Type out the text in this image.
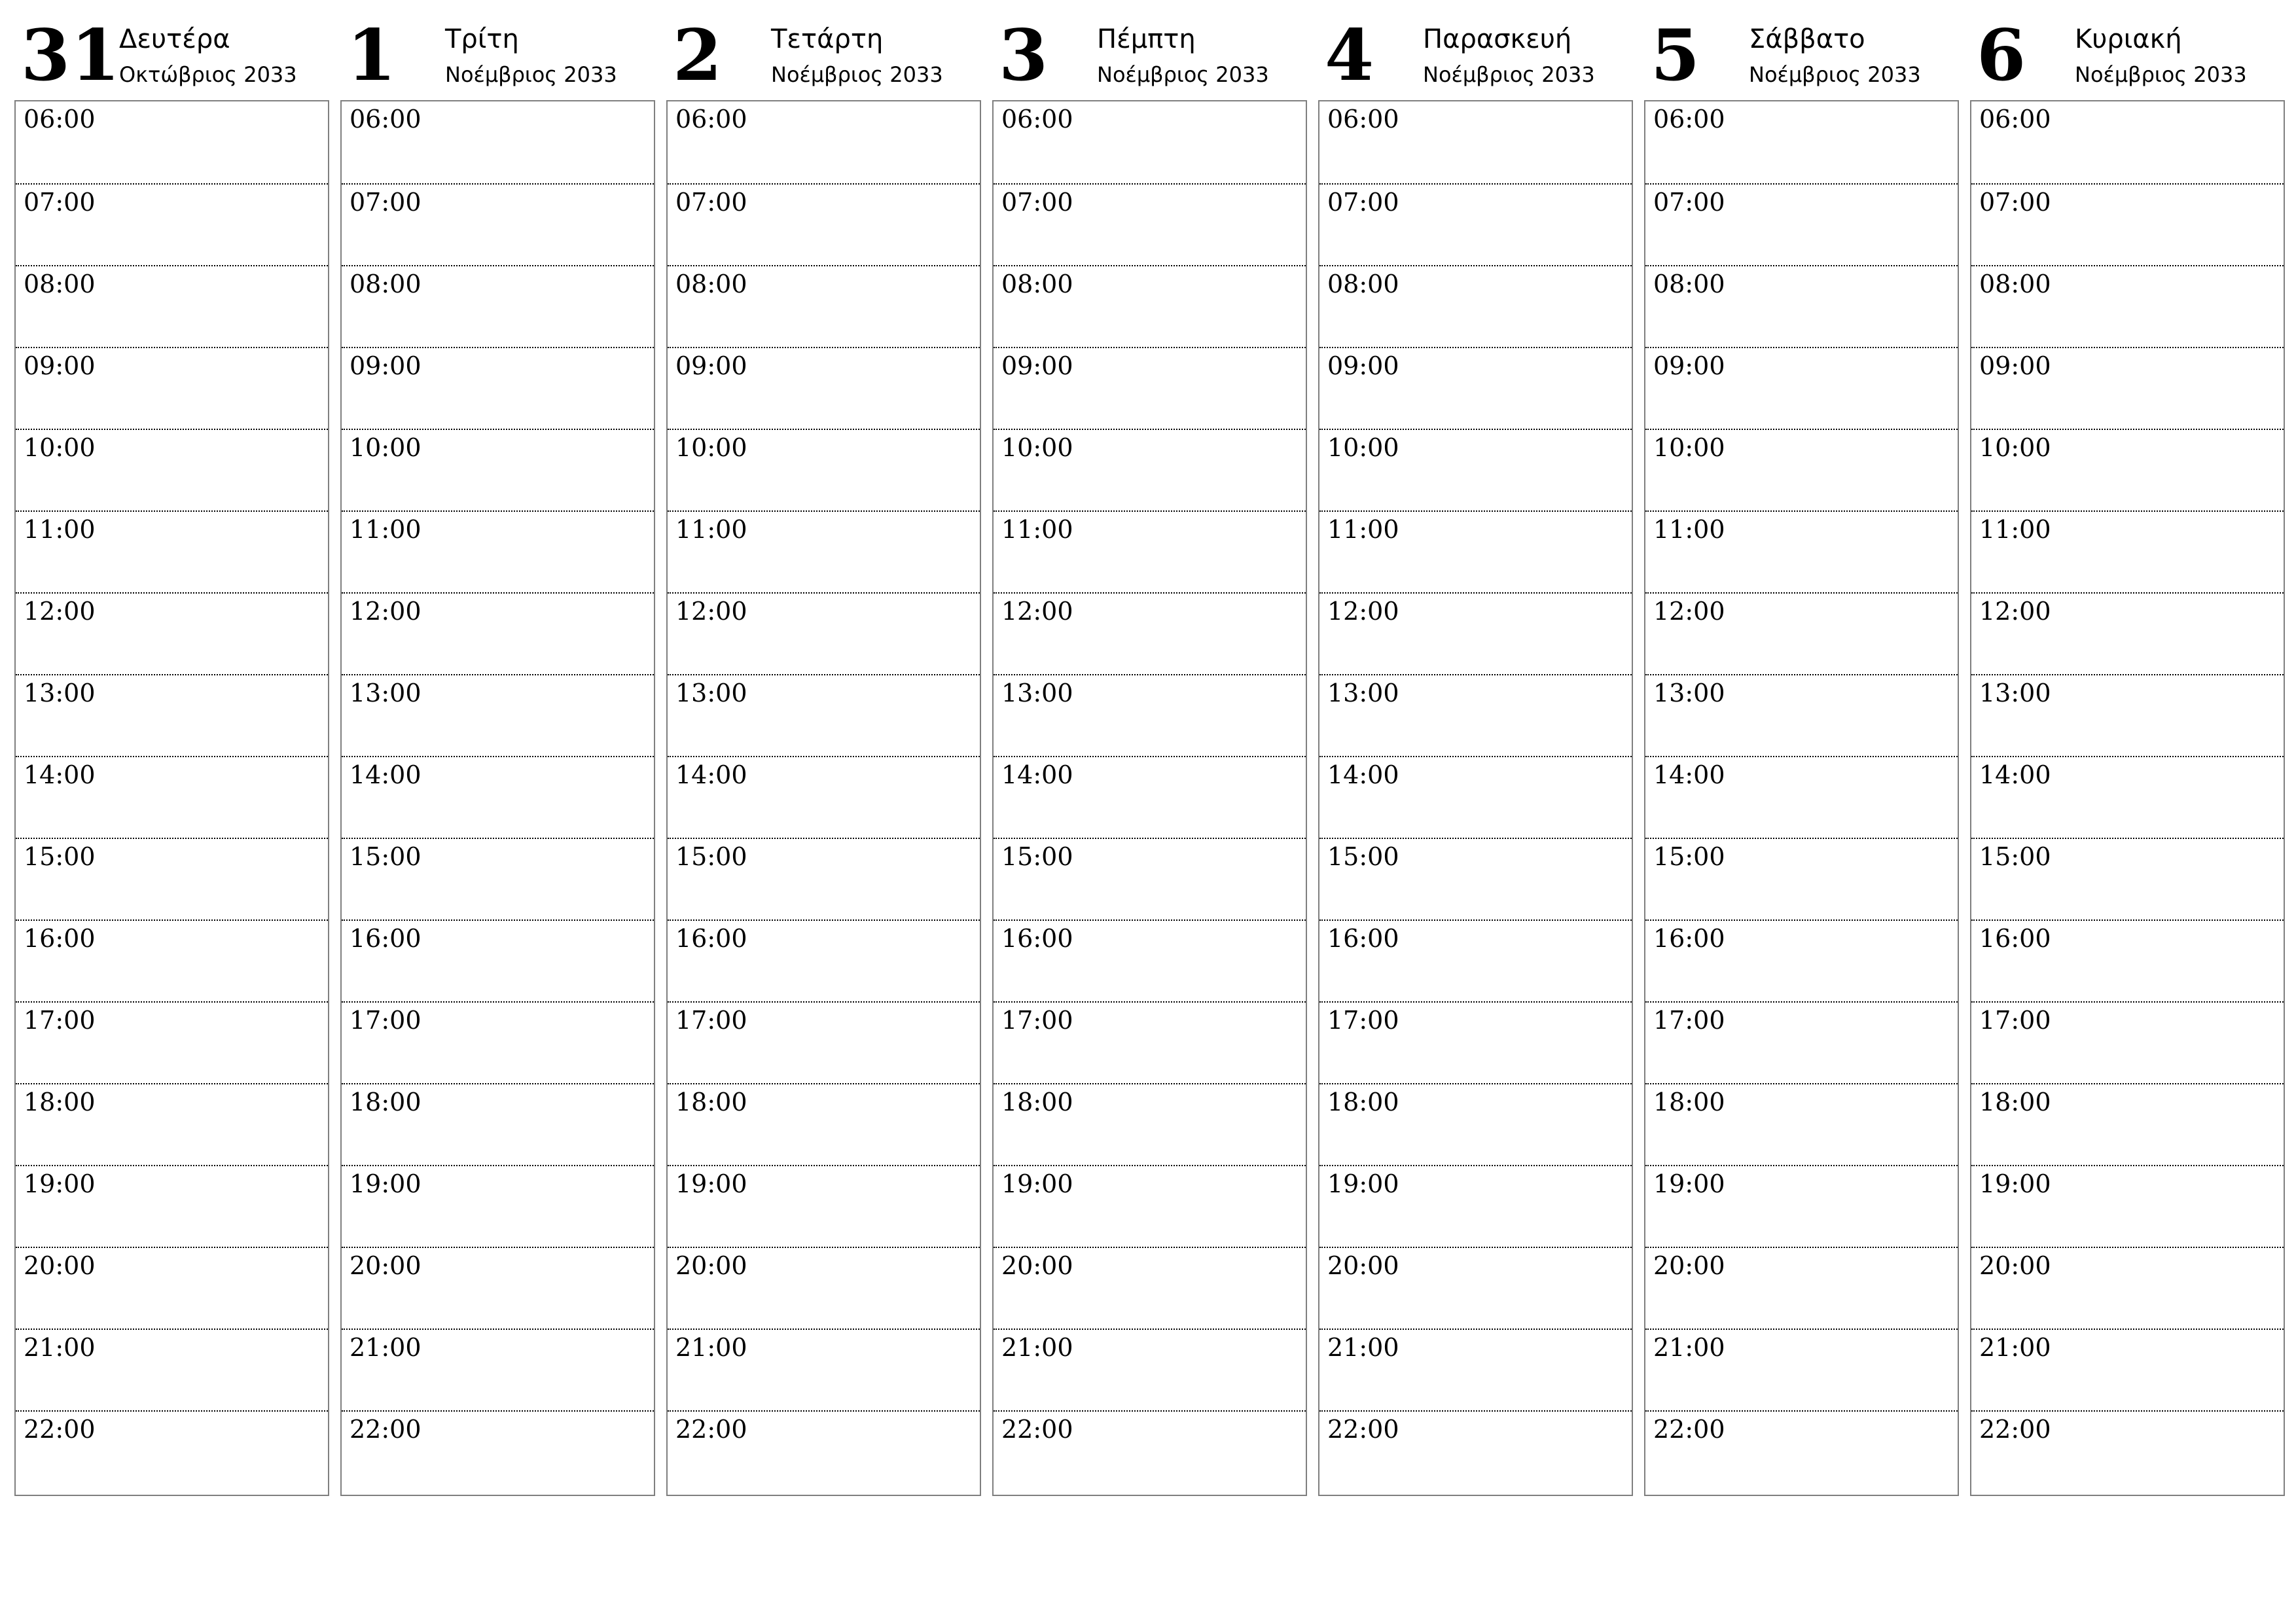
31
Δευτέρα
Οκτώβριος 2033
06:00
07:00
08:00
09:00
10:00
11:00
12:00
13:00
14:00
15:00
16:00
17:00
18:00
19:00
20:00
21:00
22:00
1 Τρίτη
Νοέμβριος 2033
06:00
07:00
08:00
09:00
10:00
11:00
12:00
13:00
14:00
15:00
16:00
17:00
18:00
19:00
20:00
21:00
22:00
2 Τετάρτη
Νοέμβριος 2033
06:00
07:00
08:00
09:00
10:00
11:00
12:00
13:00
14:00
15:00
16:00
17:00
18:00
19:00
20:00
21:00
22:00
3 Πέμπτη
Νοέμβριος 2033
06:00
07:00
08:00
09:00
10:00
11:00
12:00
13:00
14:00
15:00
16:00
17:00
18:00
19:00
20:00
21:00
22:00
4 Παρασκευή
Νοέμβριος 2033
06:00
07:00
08:00
09:00
10:00
11:00
12:00
13:00
14:00
15:00
16:00
17:00
18:00
19:00
20:00
21:00
22:00
5 Σάββατο
Νοέμβριος 2033
06:00
07:00
08:00
09:00
10:00
11:00
12:00
13:00
14:00
15:00
16:00
17:00
18:00
19:00
20:00
21:00
22:00
6 Κυριακή
Νοέμβριος 2033
06:00
07:00
08:00
09:00
10:00
11:00
12:00
13:00
14:00
15:00
16:00
17:00
18:00
19:00
20:00
21:00
22:00
